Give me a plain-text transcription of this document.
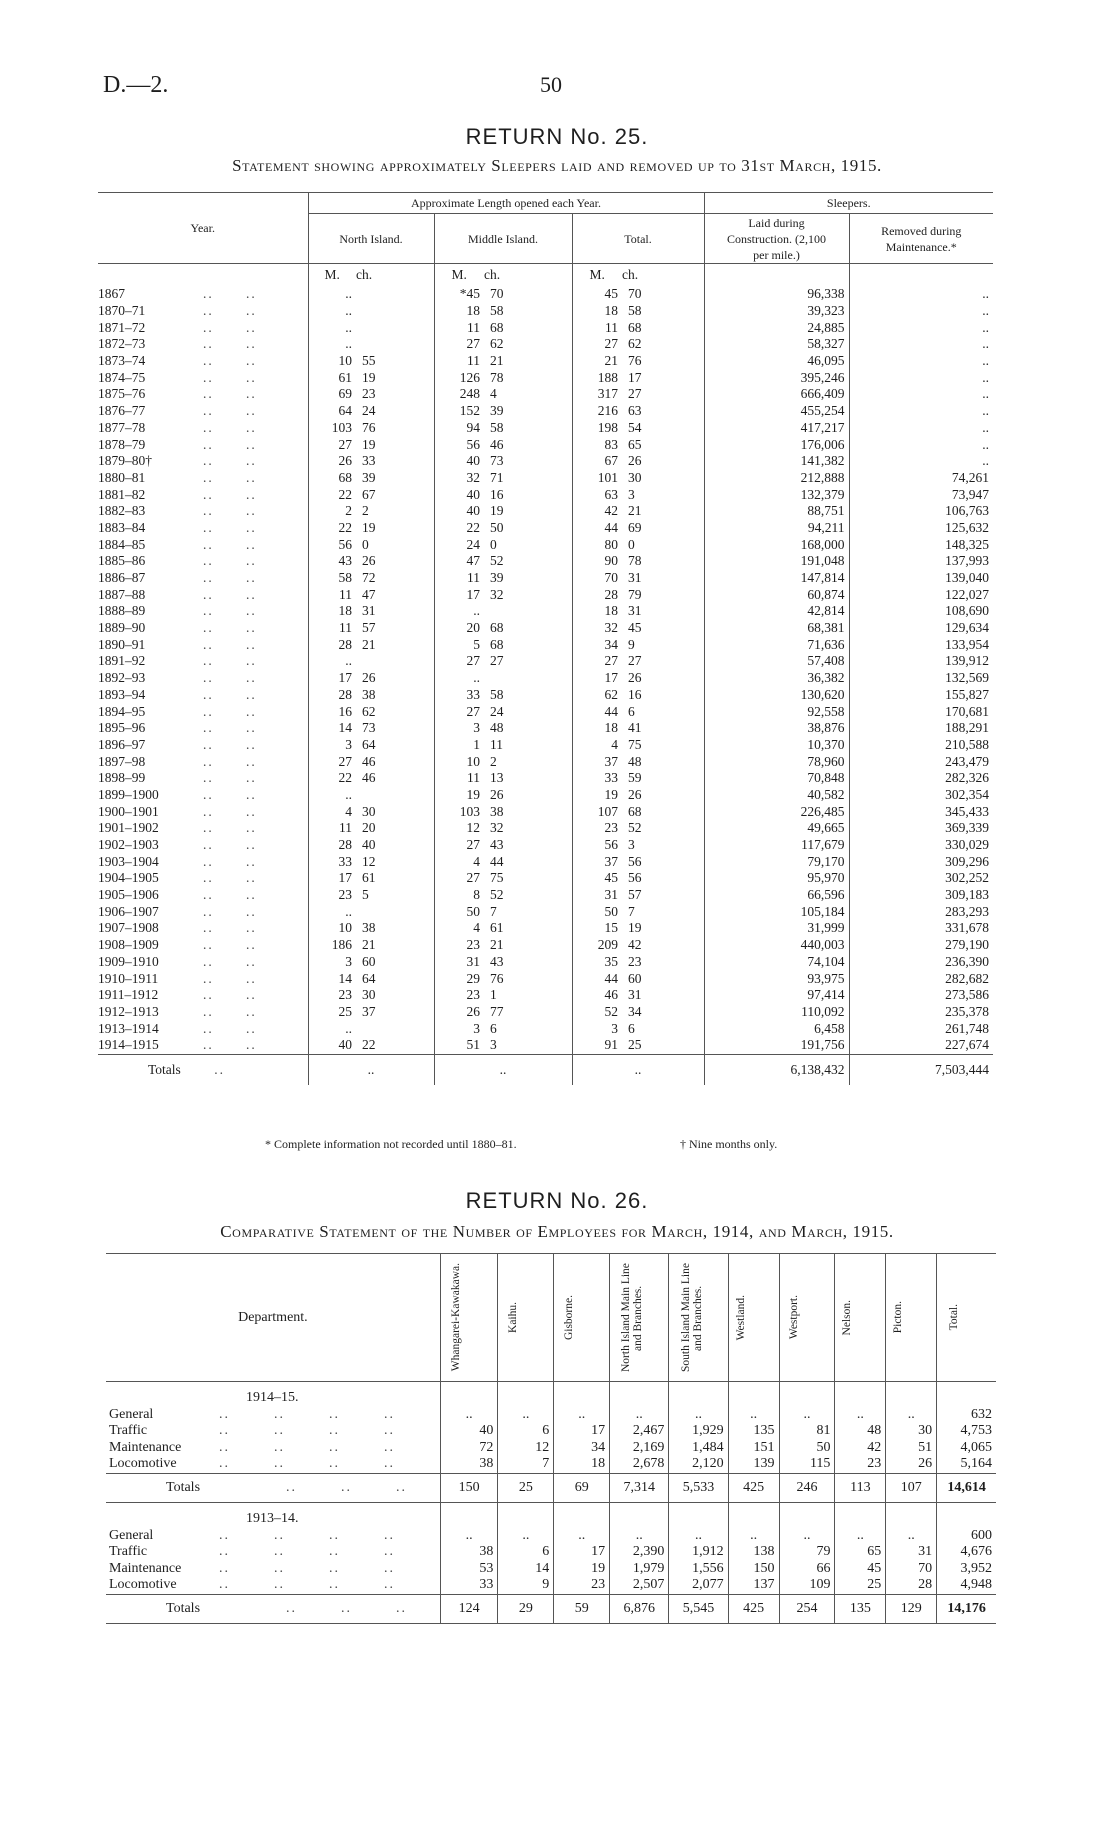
D.—2.	50
RETURN No. 25.
Statement showing approximately Sleepers laid and removed up to 31st March, 1915.
Year.	Approximate Length opened each Year.						Sleepers.	
	North Island.		Middle Island.		Total.		Laid during Construction. (2,100 per mile.)	Removed during Maintenance.*
	M.	ch.	M.	ch.	M.	ch.		
1867 ..      ..	..		*45	70	45	70	96,338	..
1870–71 ..      ..	..		18	58	18	58	39,323	..
1871–72 ..      ..	..		11	68	11	68	24,885	..
1872–73 ..      ..	..		27	62	27	62	58,327	..
1873–74 ..      ..	10	55	11	21	21	76	46,095	..
1874–75 ..      ..	61	19	126	78	188	17	395,246	..
1875–76 ..      ..	69	23	248	4	317	27	666,409	..
1876–77 ..      ..	64	24	152	39	216	63	455,254	..
1877–78 ..      ..	103	76	94	58	198	54	417,217	..
1878–79 ..      ..	27	19	56	46	83	65	176,006	..
1879–80† ..      ..	26	33	40	73	67	26	141,382	..
1880–81 ..      ..	68	39	32	71	101	30	212,888	74,261
1881–82 ..      ..	22	67	40	16	63	3	132,379	73,947
1882–83 ..      ..	2	2	40	19	42	21	88,751	106,763
1883–84 ..      ..	22	19	22	50	44	69	94,211	125,632
1884–85 ..      ..	56	0	24	0	80	0	168,000	148,325
1885–86 ..      ..	43	26	47	52	90	78	191,048	137,993
1886–87 ..      ..	58	72	11	39	70	31	147,814	139,040
1887–88 ..      ..	11	47	17	32	28	79	60,874	122,027
1888–89 ..      ..	18	31	..		18	31	42,814	108,690
1889–90 ..      ..	11	57	20	68	32	45	68,381	129,634
1890–91 ..      ..	28	21	5	68	34	9	71,636	133,954
1891–92 ..      ..	..		27	27	27	27	57,408	139,912
1892–93 ..      ..	17	26	..		17	26	36,382	132,569
1893–94 ..      ..	28	38	33	58	62	16	130,620	155,827
1894–95 ..      ..	16	62	27	24	44	6	92,558	170,681
1895–96 ..      ..	14	73	3	48	18	41	38,876	188,291
1896–97 ..      ..	3	64	1	11	4	75	10,370	210,588
1897–98 ..      ..	27	46	10	2	37	48	78,960	243,479
1898–99 ..      ..	22	46	11	13	33	59	70,848	282,326
1899–1900 ..      ..	..		19	26	19	26	40,582	302,354
1900–1901 ..      ..	4	30	103	38	107	68	226,485	345,433
1901–1902 ..      ..	11	20	12	32	23	52	49,665	369,339
1902–1903 ..      ..	28	40	27	43	56	3	117,679	330,029
1903–1904 ..      ..	33	12	4	44	37	56	79,170	309,296
1904–1905 ..      ..	17	61	27	75	45	56	95,970	302,252
1905–1906 ..      ..	23	5	8	52	31	57	66,596	309,183
1906–1907 ..      ..	..		50	7	50	7	105,184	283,293
1907–1908 ..      ..	10	38	4	61	15	19	31,999	331,678
1908–1909 ..      ..	186	21	23	21	209	42	440,003	279,190
1909–1910 ..      ..	3	60	31	43	35	23	74,104	236,390
1910–1911 ..      ..	14	64	29	76	44	60	93,975	282,682
1911–1912 ..      ..	23	30	23	1	46	31	97,414	273,586
1912–1913 ..      ..	25	37	26	77	52	34	110,092	235,378
1913–1914 ..      ..	..		3	6	3	6	6,458	261,748
1914–1915 ..      ..	40	22	51	3	91	25	191,756	227,674
Totals ..	..		..		..		6,138,432	7,503,444
* Complete information not recorded until 1880–81.	† Nine months only.
RETURN No. 26.
Comparative Statement of the Number of Employees for March, 1914, and March, 1915.
Department.	Whangarei-Kawakawa.	Kaihu.	Gisborne.	North Island Main Line and Branches.	South Island Main Line and Branches.	Westland.	Westport.	Nelson.	Picton.	Total.

1914–15.										
General ..        ..        ..        ..	..	..	..	..	..	..	..	..	..	632
Traffic ..        ..        ..        ..	40	6	17	2,467	1,929	135	81	48	30	4,753
Maintenance ..        ..        ..        ..	72	12	34	2,169	1,484	151	50	42	51	4,065
Locomotive ..        ..        ..        ..	38	7	18	2,678	2,120	139	115	23	26	5,164
Totals ..        ..        ..	150	25	69	7,314	5,533	425	246	113	107	14,614
1913–14.										
General ..        ..        ..        ..	..	..	..	..	..	..	..	..	..	600
Traffic ..        ..        ..        ..	38	6	17	2,390	1,912	138	79	65	31	4,676
Maintenance ..        ..        ..        ..	53	14	19	1,979	1,556	150	66	45	70	3,952
Locomotive ..        ..        ..        ..	33	9	23	2,507	2,077	137	109	25	28	4,948
Totals ..        ..        ..	124	29	59	6,876	5,545	425	254	135	129	14,176
